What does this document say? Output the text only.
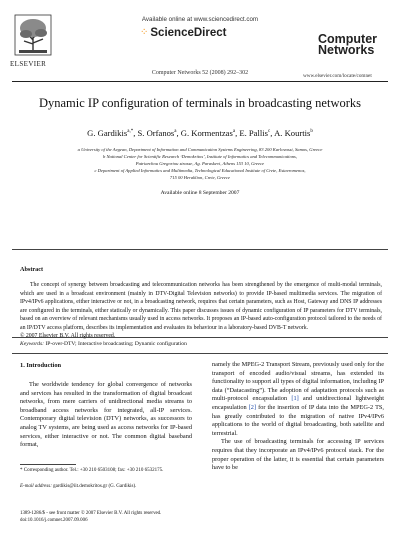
ELSEVIER
Available online at www.sciencedirect.com
⁘ ScienceDirect
Computer Networks 52 (2008) 292–302
Computer
Networks
www.elsevier.com/locate/comnet
Dynamic IP configuration of terminals in broadcasting networks
G. Gardikis$^{a,*}$, S. Orfanos$^a$, G. Kormentzas$^a$, E. Pallis$^c$, A. Kourtis$^b$
a University of the Aegean, Department of Information and Communication Systems Engineering, 83 200 Karlovassi, Samos, Greece
b National Center for Scientific Research ‘Demokritos’, Institute of Informatics and Telecommunications,
Patriarchou Gregoriou strasse, Ag. Paraskevi, Athens 153 10, Greece
c Department of Applied Informatics and Multimedia, Technological Educational Institute of Crete, Estavromenos,
715 00 Heraklion, Crete, Greece
Available online 8 September 2007
Abstract
The concept of synergy between broadcasting and telecommunication networks has been strengthened by the emergence of multi-modal terminals, which are used in a broadcast environment (mainly in DTV-Digital Television networks) to provide IP-based multimedia services. The migration of IPv4/IPv6 applications, either interactive or not, in a broadcasting network, requires that certain parameters, such as Host, Gateway and DNS IP addresses are configured in the terminals, either statically or dynamically. This paper discusses issues of dynamic configuration of IP parameters for DTV terminals, based on an overview of relevant mechanisms usually used in access networks. It proposes an IP-based auto-configuration protocol tailored to the needs of an IP/DTV access platform, describes its implementation and evaluates its behaviour in a laboratory-based DVB-T network.
© 2007 Elsevier B.V. All rights reserved.
Keywords: IP-over-DTV; Interactive broadcasting; Dynamic configuration
1. Introduction

The worldwide tendency for global convergence of networks and services has resulted in the transformation of digital broadcast networks, from mere carriers of unidirectional media streams to broadband access networks for integrated, all-IP services. Contemporary digital television (DTV) networks, as successors to analog TV systems, are being used as access networks for IP-based services, either interactive or not. The common digital baseband format,

namely the MPEG-2 Transport Stream, previously used only for the transport of encoded audio/visual streams, has extended its functionality to support all types of digital information, including IP data (“Datacasting”). The adoption of adaptation protocols such as multi-protocol encapsulation [1] and unidirectional lightweight encapsulation [2] for the insertion of IP data into the MPEG-2 TS, has greatly contributed to the migration of native IPv4/IPv6 applications to the world of digital broadcasting, both satellite and terrestrial.

The use of broadcasting terminals for accessing IP services requires that they incorporate an IPv4/IPv6 protocol stack. For the proper operation of the latter, it is essential that certain parameters have to be

* Corresponding author. Tel.: +30 210 6503108; fax: +30 210 6532175.
E-mail address: gardikis@iit.demokritos.gr (G. Gardikis).
1389-1286/$ - see front matter © 2007 Elsevier B.V. All rights reserved.
doi:10.1016/j.comnet.2007.09.006
